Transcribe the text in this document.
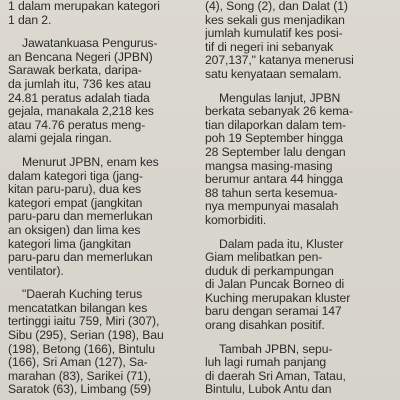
1 dalam merupakan kategori
1 dan 2.
Jawatankuasa Pengurus-
an Bencana Negeri (JPBN)
Sarawak berkata, daripa-
da jumlah itu, 736 kes atau
24.81 peratus adalah tiada
gejala, manakala 2,218 kes
atau 74.76 peratus meng-
alami gejala ringan.
Menurut JPBN, enam kes
dalam kategori tiga (jang-
kitan paru-paru), dua kes
kategori empat (jangkitan
paru-paru dan memerlukan
an oksigen) dan lima kes
kategori lima (jangkitan
paru-paru dan memerlukan
ventilator).
"Daerah Kuching terus
mencatatkan bilangan kes
tertinggi iaitu 759, Miri (307),
Sibu (295), Serian (198), Bau
(198), Betong (166), Bintulu
(166), Sri Aman (127), Sa-
marahan (83), Sarikei (71),
Saratok (63), Limbang (59)
(4), Song (2), dan Dalat (1)
kes sekali gus menjadikan
jumlah kumulatif kes posi-
tif di negeri ini sebanyak
207,137," katanya menerusi
satu kenyataan semalam.
Mengulas lanjut, JPBN
berkata sebanyak 26 kema-
tian dilaporkan dalam tem-
poh 19 September hingga
28 September lalu dengan
mangsa masing-masing
berumur antara 44 hingga
88 tahun serta kesemua-
nya mempunyai masalah
komorbiditi.
Dalam pada itu, Kluster
Giam melibatkan pen-
duduk di perkampungan
di Jalan Puncak Borneo di
Kuching merupakan kluster
baru dengan seramai 147
orang disahkan positif.
Tambah JPBN, sepu-
luh lagi rumah panjang
di daerah Sri Aman, Tatau,
Bintulu, Lubok Antu dan
